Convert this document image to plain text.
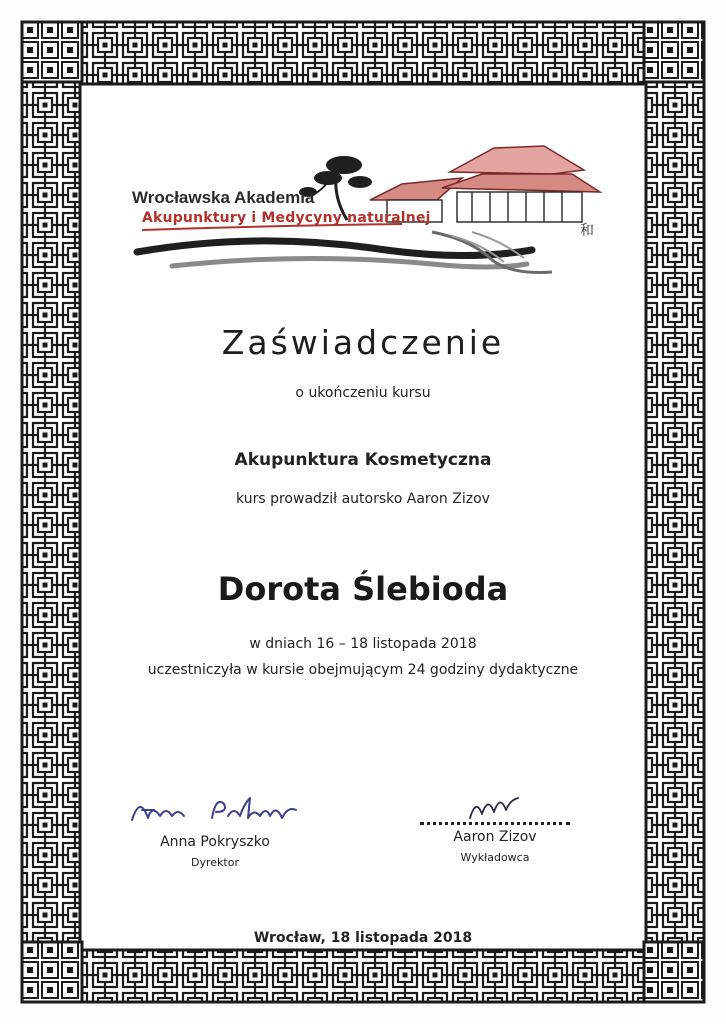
和
Wrocławska Akademia
Akupunktury i Medycyny naturalnej
Zaświadczenie
o ukończeniu kursu
Akupunktura Kosmetyczna
kurs prowadził autorsko Aaron Zizov
Dorota Ślebioda
w dniach 16 – 18 listopada 2018
uczestniczyła w kursie obejmującym 24 godziny dydaktyczne
Anna Pokryszko
Dyrektor
Aaron Zizov
Wykładowca
Wrocław, 18 listopada 2018
